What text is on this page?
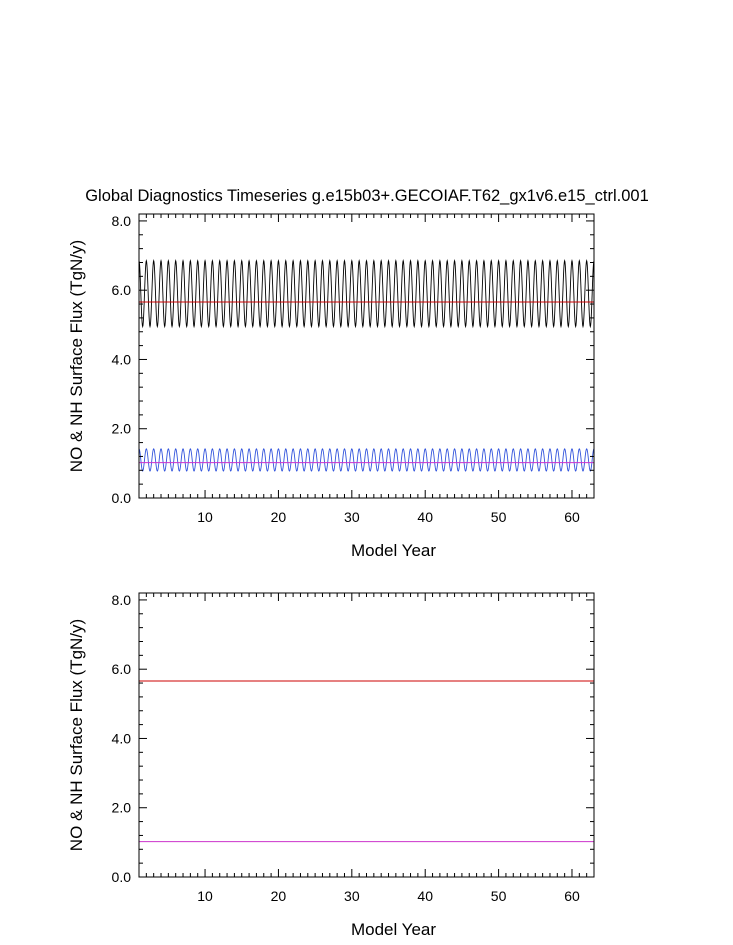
Global Diagnostics Timeseries g.e15b03+.GECOIAF.T62_gx1v6.e15_ctrl.001
10	20	30	40	50	60
0.0
2.0
4.0
6.0
8.0
Model Year
NO & NH Surface Flux (TgN/y)
10	20	30	40	50	60
0.0
2.0
4.0
6.0
8.0
Model Year
NO & NH Surface Flux (TgN/y)
